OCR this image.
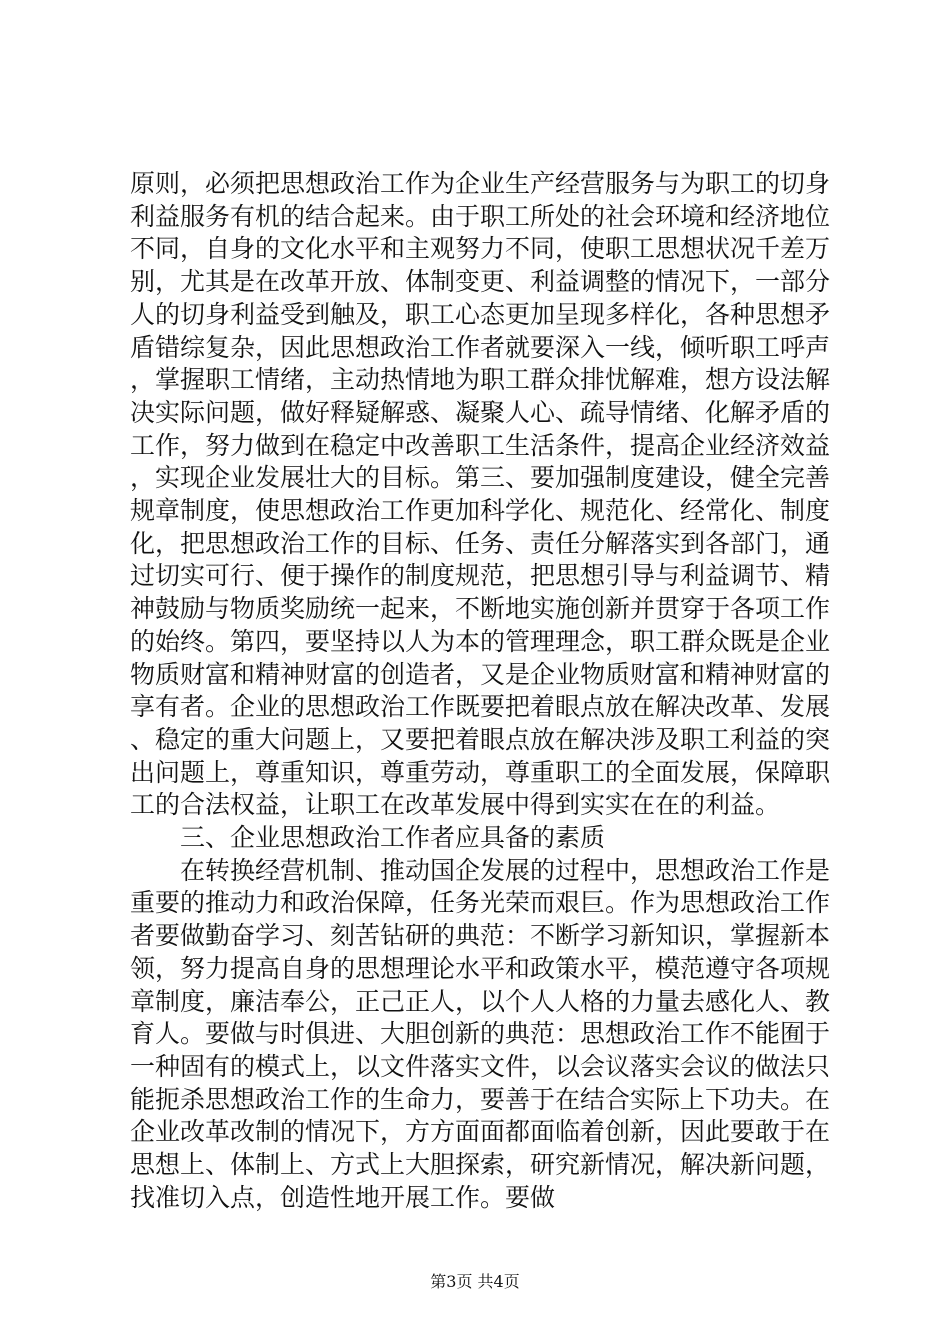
原则，必须把思想政治工作为企业生产经营服务与为职工的切身利益服务有机的结合起来。由于职工所处的社会环境和经济地位不同，自身的文化水平和主观努力不同，使职工思想状况千差万别，尤其是在改革开放、体制变更、利益调整的情况下，一部分人的切身利益受到触及，职工心态更加呈现多样化，各种思想矛盾错综复杂，因此思想政治工作者就要深入一线，倾听职工呼声，掌握职工情绪，主动热情地为职工群众排忧解难，想方设法解决实际问题，做好释疑解惑、凝聚人心、疏导情绪、化解矛盾的工作，努力做到在稳定中改善职工生活条件，提高企业经济效益，实现企业发展壮大的目标。第三、要加强制度建设，健全完善规章制度，使思想政治工作更加科学化、规范化、经常化、制度化，把思想政治工作的目标、任务、责任分解落实到各部门，通过切实可行、便于操作的制度规范，把思想引导与利益调节、精神鼓励与物质奖励统一起来，不断地实施创新并贯穿于各项工作的始终。第四，要坚持以人为本的管理理念，职工群众既是企业物质财富和精神财富的创造者，又是企业物质财富和精神财富的享有者。企业的思想政治工作既要把着眼点放在解决改革、发展、稳定的重大问题上，又要把着眼点放在解决涉及职工利益的突出问题上，尊重知识，尊重劳动，尊重职工的全面发展，保障职工的合法权益，让职工在改革发展中得到实实在在的利益。

三、企业思想政治工作者应具备的素质

在转换经营机制、推动国企发展的过程中，思想政治工作是重要的推动力和政治保障，任务光荣而艰巨。作为思想政治工作者要做勤奋学习、刻苦钻研的典范：不断学习新知识，掌握新本领，努力提高自身的思想理论水平和政策水平，模范遵守各项规章制度，廉洁奉公，正己正人，以个人人格的力量去感化人、教育人。要做与时俱进、大胆创新的典范：思想政治工作不能囿于一种固有的模式上，以文件落实文件，以会议落实会议的做法只能扼杀思想政治工作的生命力，要善于在结合实际上下功夫。在企业改革改制的情况下，方方面面都面临着创新，因此要敢于在思想上、体制上、方式上大胆探索，研究新情况，解决新问题，找准切入点，创造性地开展工作。要做

第3页 共4页
